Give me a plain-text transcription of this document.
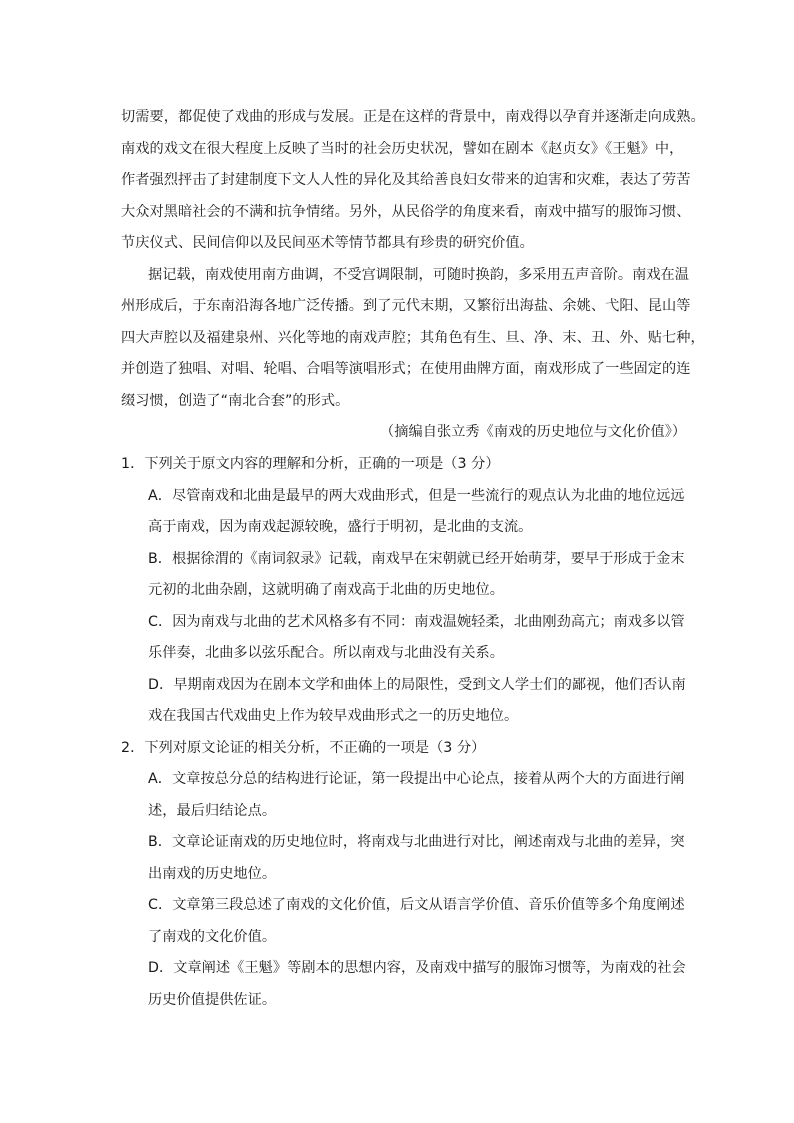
切需要，都促使了戏曲的形成与发展。正是在这样的背景中，南戏得以孕育并逐渐走向成熟。
南戏的戏文在很大程度上反映了当时的社会历史状况，譬如在剧本《赵贞女》《王魁》中，
作者强烈抨击了封建制度下文人人性的异化及其给善良妇女带来的迫害和灾难，表达了劳苦
大众对黑暗社会的不满和抗争情绪。另外，从民俗学的角度来看，南戏中描写的服饰习惯、
节庆仪式、民间信仰以及民间巫术等情节都具有珍贵的研究价值。
据记载，南戏使用南方曲调，不受宫调限制，可随时换韵，多采用五声音阶。南戏在温
州形成后，于东南沿海各地广泛传播。到了元代末期，又繁衍出海盐、余姚、弋阳、昆山等
四大声腔以及福建泉州、兴化等地的南戏声腔；其角色有生、旦、净、末、丑、外、贴七种，
并创造了独唱、对唱、轮唱、合唱等演唱形式；在使用曲牌方面，南戏形成了一些固定的连
缀习惯，创造了“南北合套”的形式。
（摘编自张立秀《南戏的历史地位与文化价值》）
1．下列关于原文内容的理解和分析，正确的一项是（3 分）
A．尽管南戏和北曲是最早的两大戏曲形式，但是一些流行的观点认为北曲的地位远远
高于南戏，因为南戏起源较晚，盛行于明初，是北曲的支流。
B．根据徐渭的《南词叙录》记载，南戏早在宋朝就已经开始萌芽，要早于形成于金末
元初的北曲杂剧，这就明确了南戏高于北曲的历史地位。
C．因为南戏与北曲的艺术风格多有不同：南戏温婉轻柔，北曲刚劲高亢；南戏多以管
乐伴奏，北曲多以弦乐配合。所以南戏与北曲没有关系。
D．早期南戏因为在剧本文学和曲体上的局限性，受到文人学士们的鄙视，他们否认南
戏在我国古代戏曲史上作为较早戏曲形式之一的历史地位。
2．下列对原文论证的相关分析，不正确的一项是（3 分）
A．文章按总分总的结构进行论证，第一段提出中心论点，接着从两个大的方面进行阐
述，最后归结论点。
B．文章论证南戏的历史地位时，将南戏与北曲进行对比，阐述南戏与北曲的差异，突
出南戏的历史地位。
C．文章第三段总述了南戏的文化价值，后文从语言学价值、音乐价值等多个角度阐述
了南戏的文化价值。
D．文章阐述《王魁》等剧本的思想内容，及南戏中描写的服饰习惯等，为南戏的社会
历史价值提供佐证。
